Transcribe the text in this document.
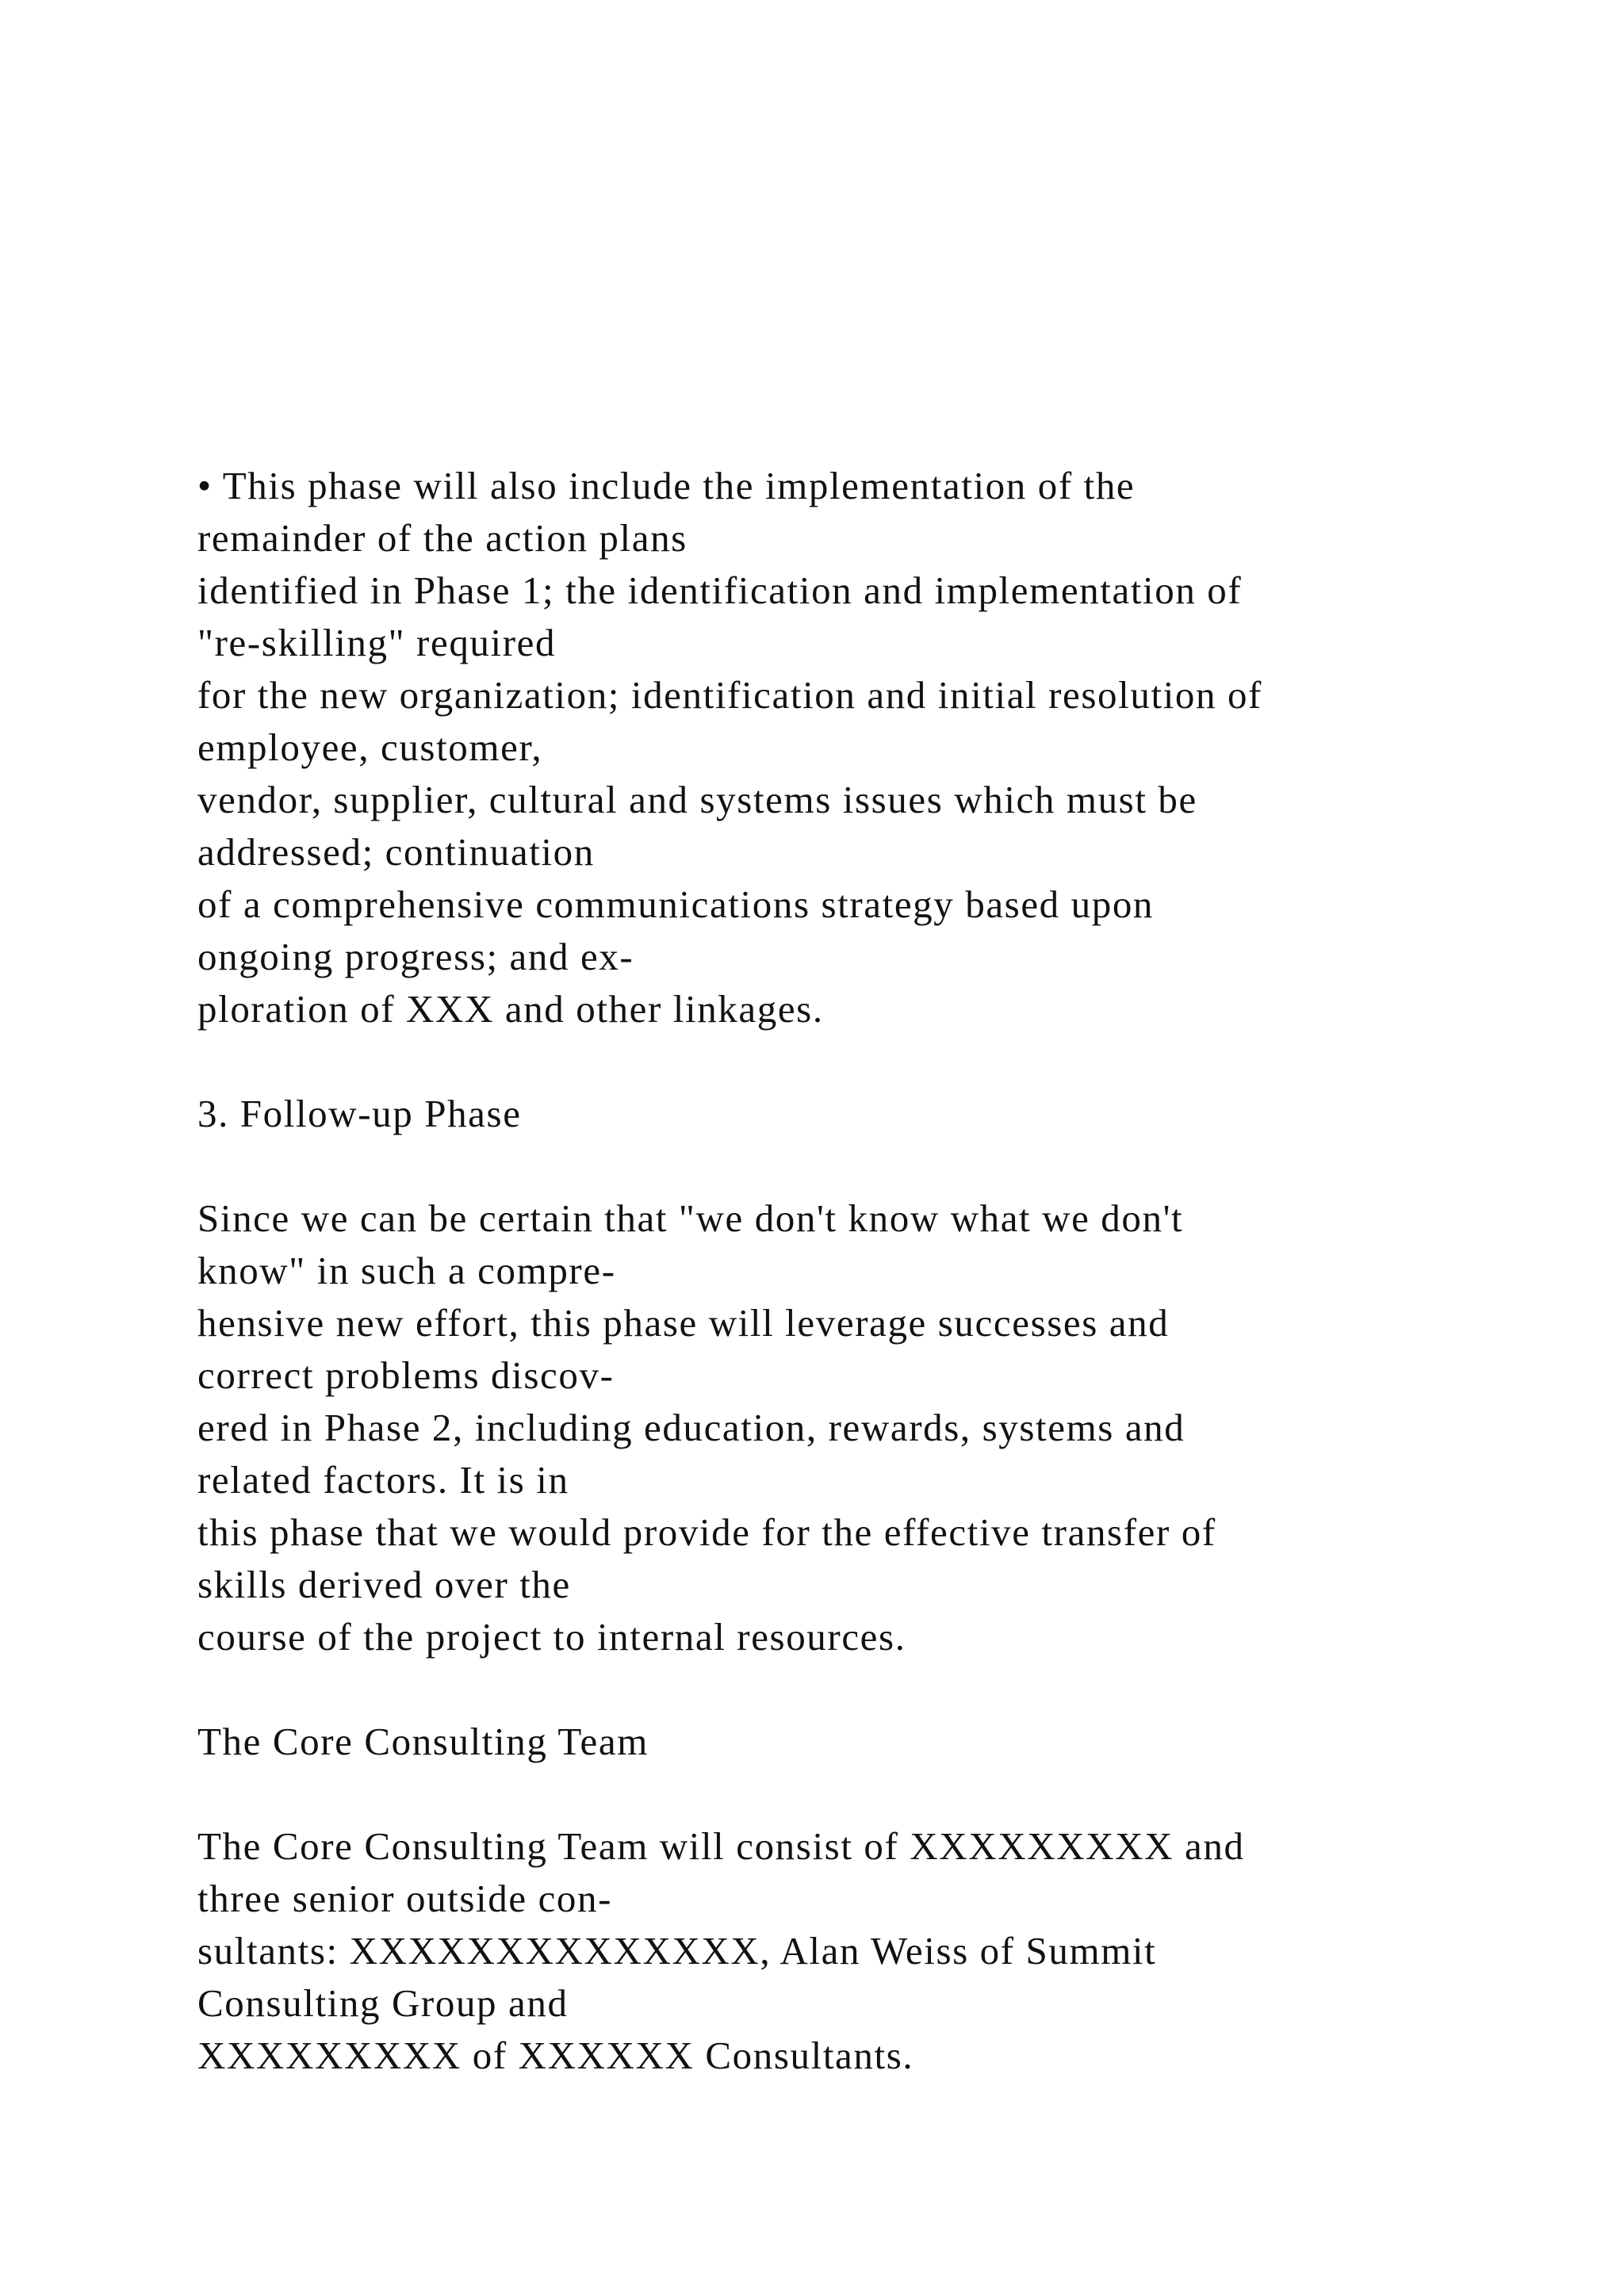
• This phase will also include the implementation of the
remainder of the action plans
identified in Phase 1; the identification and implementation of
"re-skilling" required
for the new organization; identification and initial resolution of
employee, customer,
vendor, supplier, cultural and systems issues which must be
addressed; continuation
of a comprehensive communications strategy based upon
ongoing progress; and ex-
ploration of XXX and other linkages.
3. Follow-up Phase
Since we can be certain that "we don't know what we don't
know" in such a compre-
hensive new effort, this phase will leverage successes and
correct problems discov-
ered in Phase 2, including education, rewards, systems and
related factors. It is in
this phase that we would provide for the effective transfer of
skills derived over the
course of the project to internal resources.
The Core Consulting Team
The Core Consulting Team will consist of XXXXXXXXX and
three senior outside con-
sultants: XXXXXXXXXXXXXX, Alan Weiss of Summit
Consulting Group and
XXXXXXXXX of XXXXXX Consultants.
